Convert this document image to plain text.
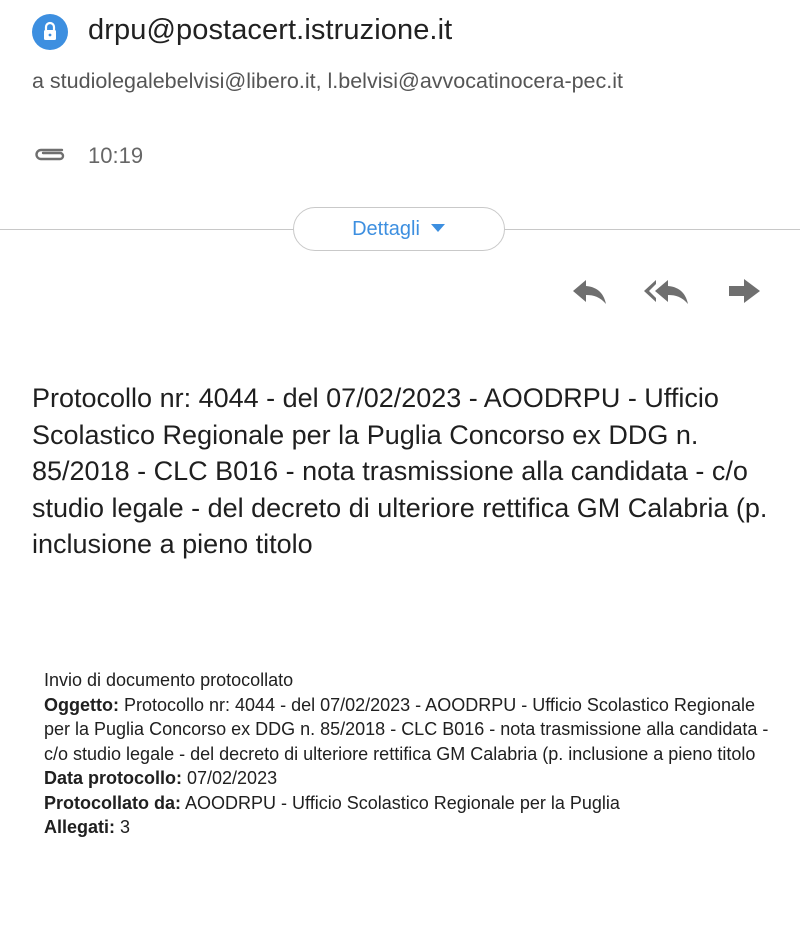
drpu@postacert.istruzione.it
a studiolegalebelvisi@libero.it, l.belvisi@avvocatinocera-pec.it
10:19
Dettagli
Protocollo nr: 4044 - del 07/02/2023 - AOODRPU - Ufficio Scolastico Regionale per la Puglia Concorso ex DDG n. 85/2018 - CLC B016 - nota trasmissione alla candidata - c/o studio legale - del decreto di ulteriore rettifica GM Calabria (p. inclusione a pieno titolo

Invio di documento protocollato

Oggetto: Protocollo nr: 4044 - del 07/02/2023 - AOODRPU - Ufficio Scolastico Regionale per la Puglia Concorso ex DDG n. 85/2018 - CLC B016 - nota trasmissione alla candidata - c/o studio legale - del decreto di ulteriore rettifica GM Calabria (p. inclusione a pieno titolo

Data protocollo: 07/02/2023

Protocollato da: AOODRPU - Ufficio Scolastico Regionale per la Puglia

Allegati: 3
